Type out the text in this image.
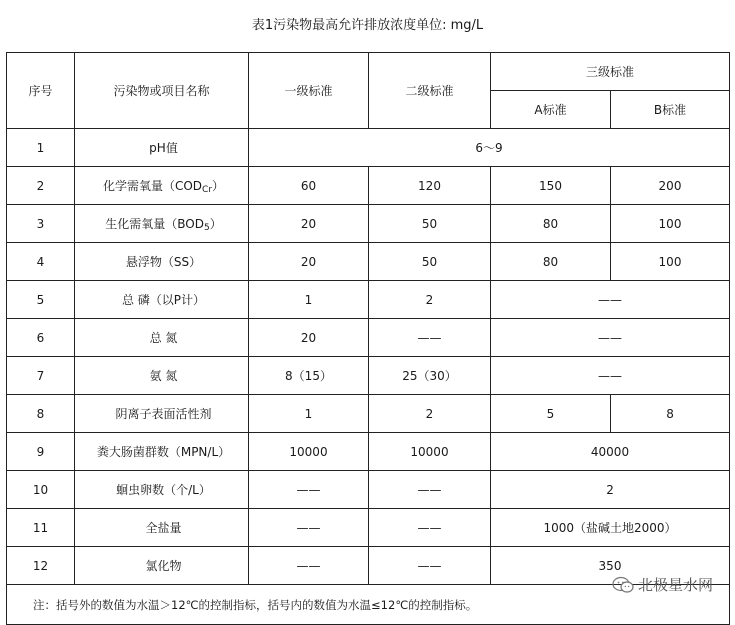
表1污染物最高允许排放浓度单位: mg/L
序号	污染物或项目名称	一级标准	二级标准	三级标准	
				A标准	B标准
1	pH值	6～9			
2	化学需氧量$(COD_{Cr})$	60	120	150	200
3	生化需氧量$(BOD_5)$	20	50	80	100
4	悬浮物（SS）	20	50	80	100
5	总 磷（以P计）	1	2	——	
6	总 氮	20	——	——	
7	氨 氮	8（15）	25（30）	——	
8	阴离子表面活性剂	1	2	5	8
9	粪大肠菌群数（MPN/L）	10000	10000	40000	
10	蛔虫卵数（个/L）	——	——	2	
11	全盐量	——	——	1000（盐碱土地2000）	
12	氯化物	——	——	350	
注：括号外的数值为水温＞12℃的控制指标，括号内的数值为水温≤12℃的控制指标。					
北极星水网
